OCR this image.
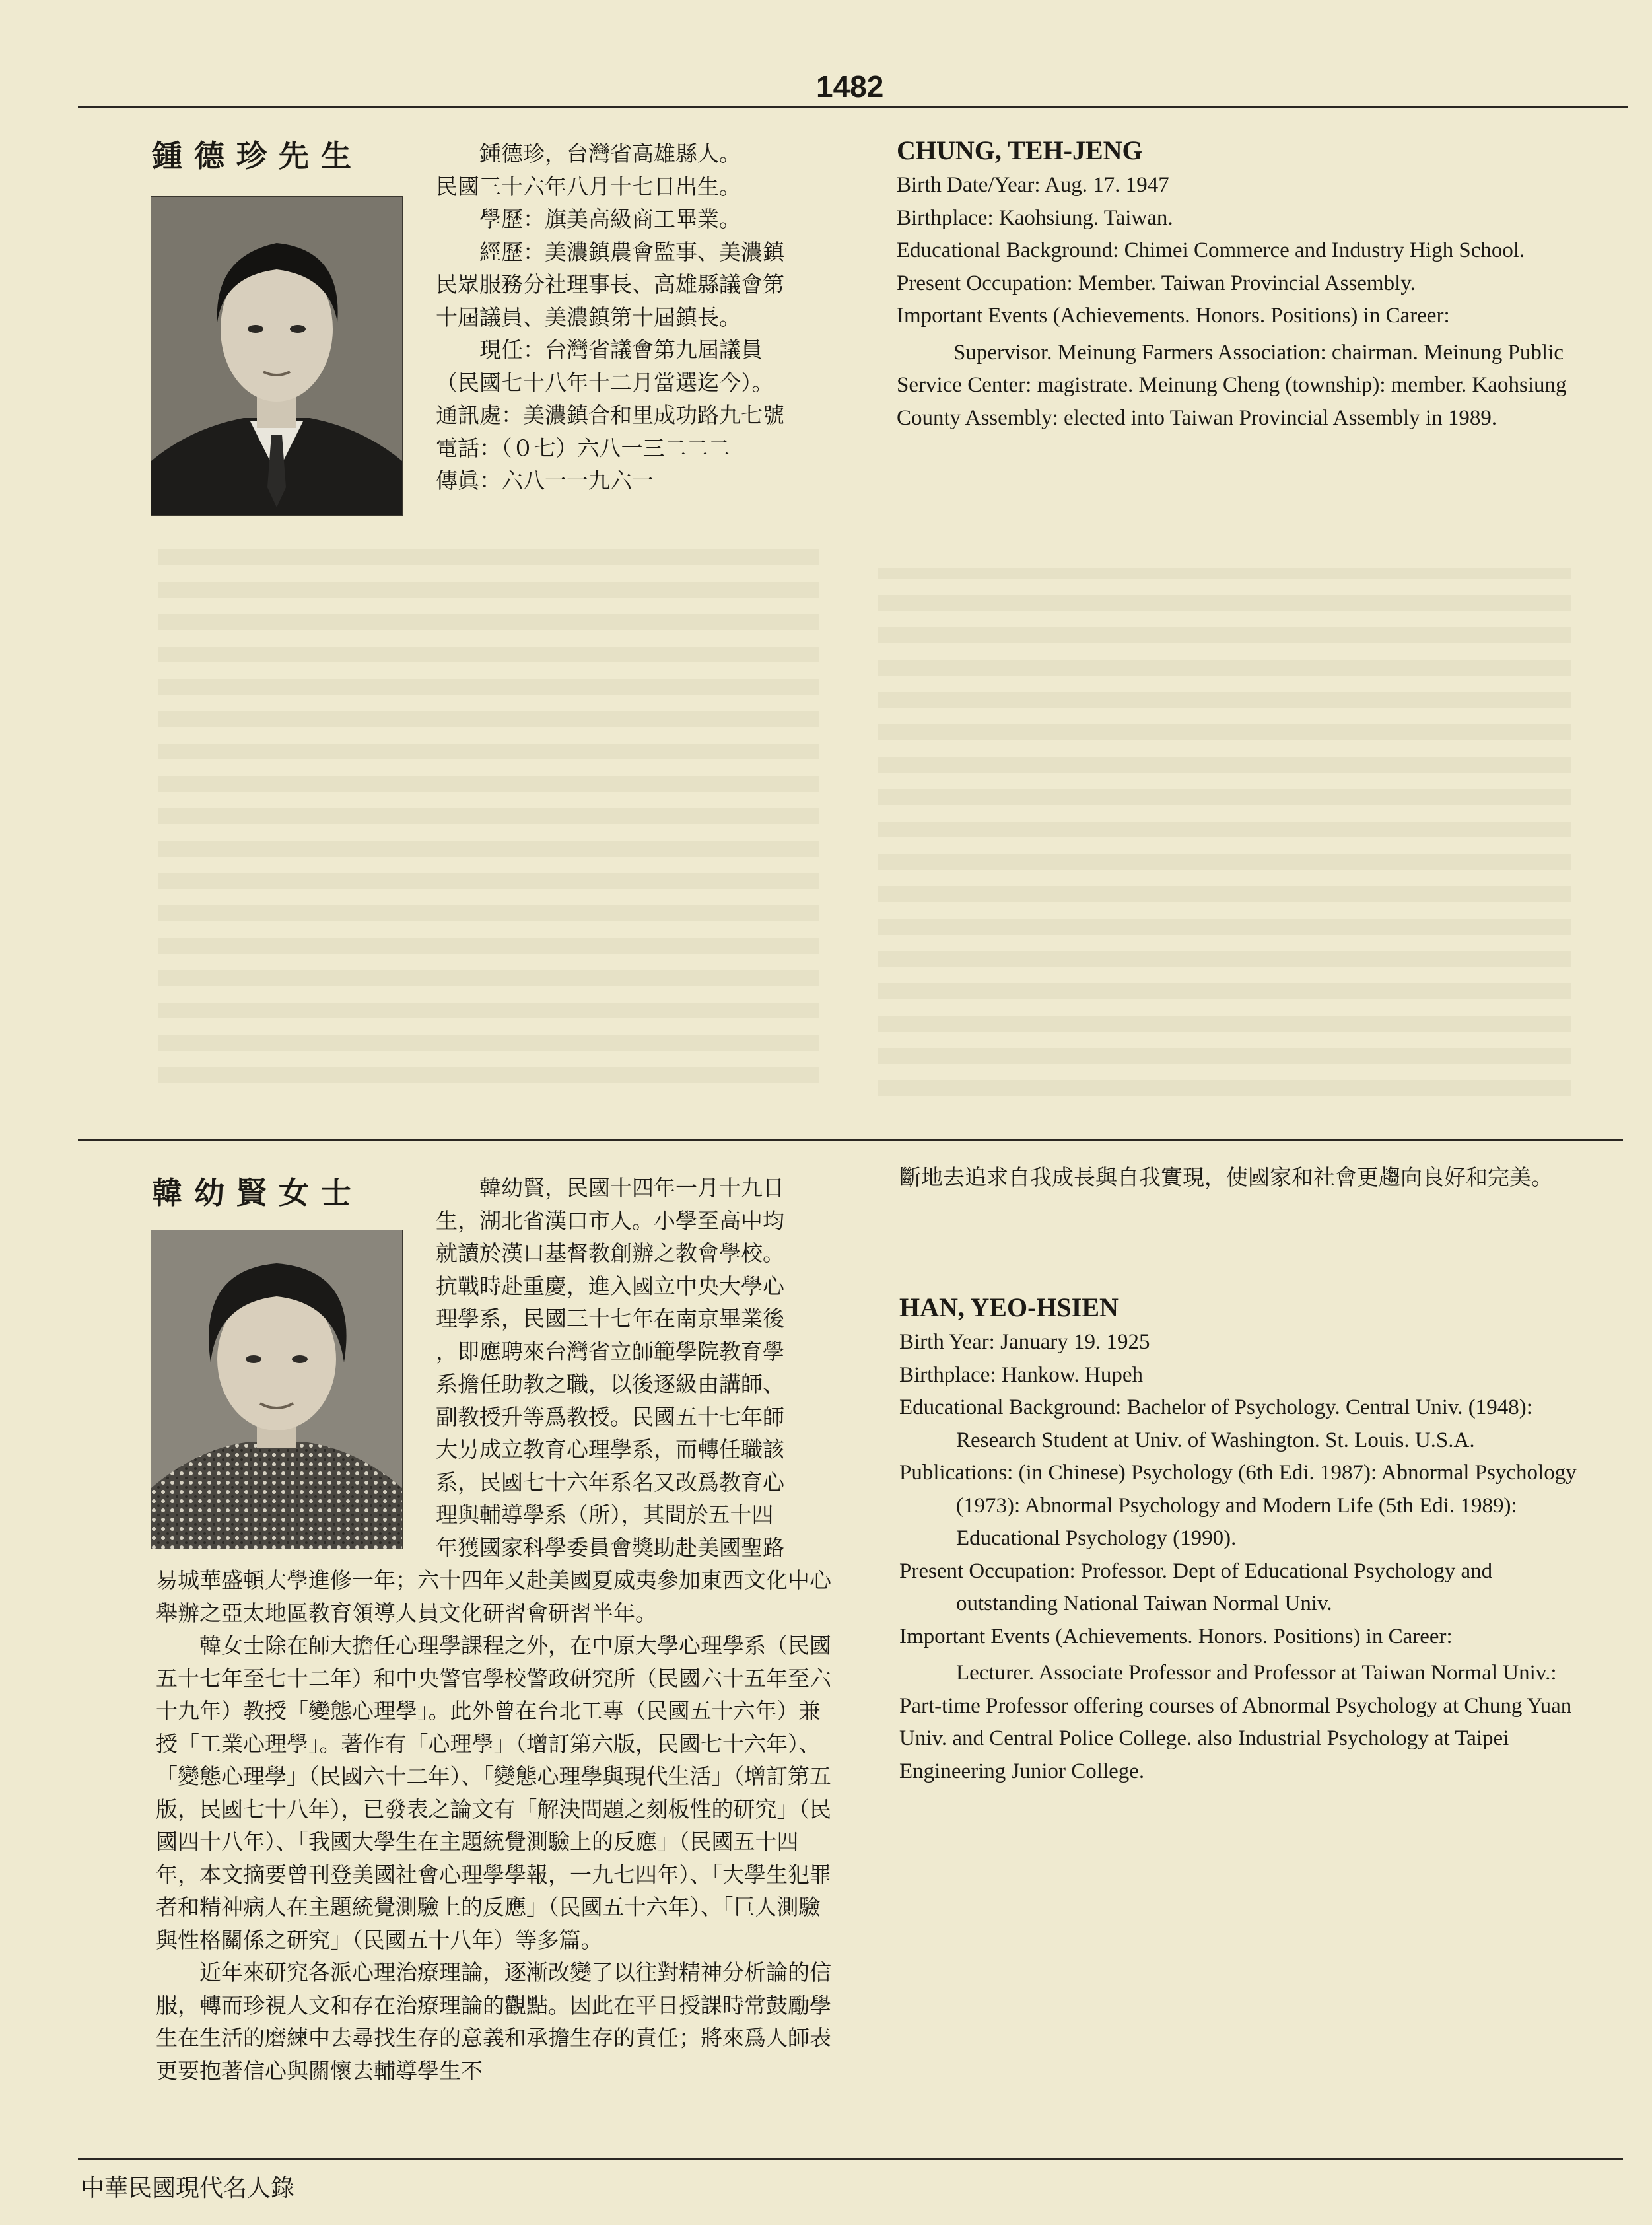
1482
鍾德珍先生	鍾德珍，台灣省高雄縣人。

民國三十六年八月十七日出生。

學歷：旗美高級商工畢業。

經歷：美濃鎮農會監事、美濃鎮

民眾服務分社理事長、高雄縣議會第

十屆議員、美濃鎮第十屆鎮長。

現任：台灣省議會第九屆議員

（民國七十八年十二月當選迄今）。

通訊處：美濃鎮合和里成功路九七號

電話：（０七）六八一三二二二

傳眞：六八一一九六一

CHUNG, TEH-JENG

Birth Date/Year: Aug. 17. 1947

Birthplace: Kaohsiung. Taiwan.

Educational Background: Chimei Commerce and Industry High School.

Present Occupation: Member. Taiwan Provincial Assembly.

Important Events (Achievements. Honors. Positions) in Career:

Supervisor. Meinung Farmers Association: chairman. Meinung Public Service Center: magistrate. Meinung Cheng (township): member. Kaohsiung County Assembly: elected into Taiwan Provincial Assembly in 1989.

韓幼賢女士	韓幼賢，民國十四年一月十九日

生，湖北省漢口市人。小學至高中均

就讀於漢口基督教創辦之教會學校。

抗戰時赴重慶，進入國立中央大學心

理學系，民國三十七年在南京畢業後

，即應聘來台灣省立師範學院教育學

系擔任助教之職，以後逐級由講師、

副教授升等爲教授。民國五十七年師

大另成立教育心理學系，而轉任職該

系，民國七十六年系名又改爲教育心

理與輔導學系（所），其間於五十四

年獲國家科學委員會獎助赴美國聖路

易城華盛頓大學進修一年；六十四年又赴美國夏威夷參加東西文化中心舉辦之亞太地區教育領導人員文化研習會研習半年。

韓女士除在師大擔任心理學課程之外，在中原大學心理學系（民國五十七年至七十二年）和中央警官學校警政研究所（民國六十五年至六十九年）教授「變態心理學」。此外曾在台北工專（民國五十六年）兼授「工業心理學」。著作有「心理學」（增訂第六版，民國七十六年）、「變態心理學」（民國六十二年）、「變態心理學與現代生活」（增訂第五版，民國七十八年），已發表之論文有「解決問題之刻板性的研究」（民國四十八年）、「我國大學生在主題統覺測驗上的反應」（民國五十四年，本文摘要曾刊登美國社會心理學學報，一九七四年）、「大學生犯罪者和精神病人在主題統覺測驗上的反應」（民國五十六年）、「巨人測驗與性格關係之研究」（民國五十八年）等多篇。

近年來研究各派心理治療理論，逐漸改變了以往對精神分析論的信服，轉而珍視人文和存在治療理論的觀點。因此在平日授課時常鼓勵學生在生活的磨練中去尋找生存的意義和承擔生存的責任；將來爲人師表更要抱著信心與關懷去輔導學生不

斷地去追求自我成長與自我實現，使國家和社會更趨向良好和完美。

HAN, YEO-HSIEN

Birth Year: January 19. 1925

Birthplace: Hankow. Hupeh

Educational Background: Bachelor of Psychology. Central Univ. (1948): Research Student at Univ. of Washington. St. Louis. U.S.A.

Publications: (in Chinese) Psychology (6th Edi. 1987): Abnormal Psychology (1973): Abnormal Psychology and Modern Life (5th Edi. 1989): Educational Psychology (1990).

Present Occupation: Professor. Dept of Educational Psychology and outstanding National Taiwan Normal Univ.

Important Events (Achievements. Honors. Positions) in Career:

Lecturer. Associate Professor and Professor at Taiwan Normal Univ.: Part-time Professor offering courses of Abnormal Psychology at Chung Yuan Univ. and Central Police College. also Industrial Psychology at Taipei Engineering Junior College.

中華民國現代名人錄
